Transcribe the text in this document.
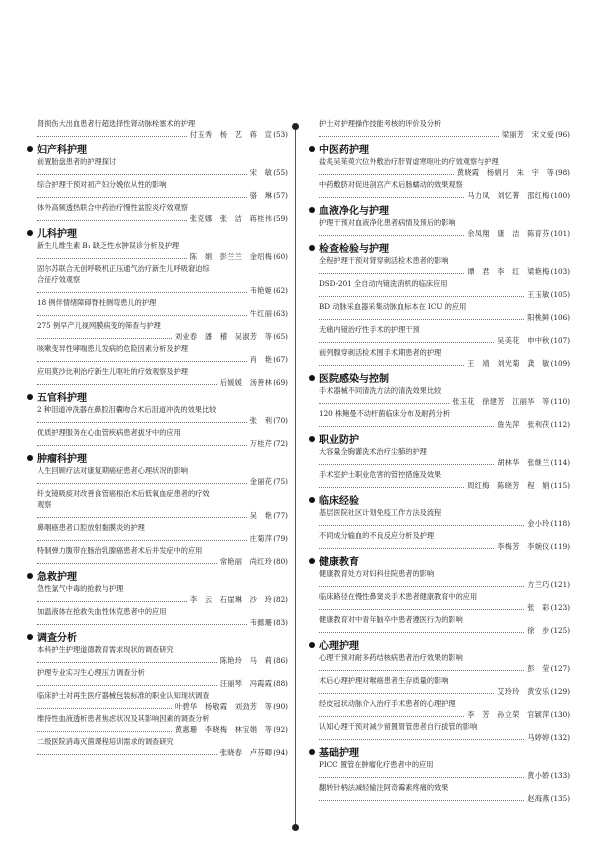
肾损伤大出血患者行超选择性肾动脉栓塞术的护理
付玉秀　杨　艺　蒋　宣 (53)
妇产科护理
前置胎盘患者的护理探讨
宋　敏 (55)
综合护理干预对初产妇分娩依从性的影响
骆　琳 (57)
体外高频透热联合中药治疗慢性盆腔炎疗效观察
张克娜　张　洁　蒋桂伟 (59)
儿科护理
新生儿维生素 B₁ 缺乏性水肿误诊分析及护理
陈　娟　彭兰兰　金绍梅 (60)
固尔苏联合无创呼吸机正压通气治疗新生儿呼吸窘迫综
合征疗效观察
韦艳姬 (62)
18 例伴情绪障碍脊柱侧弯患儿的护理
牛红丽 (63)
275 例早产儿视网膜病变的筛查与护理
刘业春　潘　稽　吴淑芳　等 (65)
咳嗽变异性哮喘患儿发病的危险因素分析及护理
肖　艳 (67)
应用莫沙比利治疗新生儿呕吐的疗效观察及护理
后媛媛　汤善林 (69)
五官科护理
2 种泪道冲洗器在鼻腔泪囊吻合术后泪道冲洗的效果比较
张　利 (70)
优质护理服务在心血管疾病患者拔牙中的应用
万桂芹 (72)
肿瘤科护理
人生回顾疗法对康复期癌症患者心理状况的影响
金丽花 (75)
纤支镜吸痰对改善食管癌根治术后低氧血症患者的疗效
观察
吴　艳 (77)
鼻咽癌患者口腔放射黏膜炎的护理
庄菊萍 (79)
特制弹力腹带在肠治乳腺癌患者术后并发症中的应用
常艳丽　尚红玲 (80)
急救护理
急性氯气中毒的抢救与护理
李　云　石崖琳　沙　玲 (82)
加温液体在抢救失血性休克患者中的应用
韦懿珊 (83)
调查分析
本科护生护理道德教育需求现状的调查研究
陈艳玲　马　莉 (86)
护理专业实习生心理压力调查分析
汪丽琴　冯霞霞 (88)
临床护士对再生医疗器械包装标准的职业认知现状调查
叶碧华　杨敬霞　刘劲芳　等 (90)
维持性血液透析患者焦虑状况及其影响因素的调查分析
黄惠珊　李晓梅　林宝娟　等 (92)
二级医院消毒灭菌课程培训需求的调查研究
张晓春　卢芬卿 (94)
护士对护理操作技能考核的评价及分析
梁丽芳　宋文爱 (96)
中医药护理
盐炙吴茱萸穴位外敷治疗肝胃虚寒呕吐的疗效观察与护理
黄晓霞　杨娟月　朱　宇　等 (98)
中药敷脐对促进剖宫产术后肠蠕动的效果观察
马力凤　刘忆菁　邵红梅 (100)
血液净化与护理
护理干预对血液净化患者病情及预后的影响
余凤翔　康　洁　陈育芬 (101)
检查检验与护理
全程护理干预对肾穿刺活检术患者的影响
谭　君　李　红　梁艳梅 (103)
DSD-201 全自动内镜洗消机的临床应用
王玉敏 (105)
BD 动脉采血器采集动脉血标本在 ICU 的应用
阳桃鲜 (106)
无痛内镜治疗性手术的护理干预
吴美花　申中秋 (107)
前列腺穿刺活检术围手术期患者的护理
王　靖　刘光菊　龚　敏 (109)
医院感染与控制
手术器械不同清洗方法的清洗效果比较
张玉花　徐建芳　江丽华　等 (110)
120 株鲍曼不动杆菌临床分布及耐药分析
詹先萍　张利茯 (112)
职业防护
大容量全胸灌洗术治疗尘肺的护理
胡林华　张继兰 (114)
手术室护士职业危害的管控措施及效果
周红梅　陈晓芳　程　娟 (115)
临床经验
基层医院社区计划免疫工作方法及流程
金小玲 (118)
不同成分输血的不良反应分析及护理
李梅芳　李婉仪 (119)
健康教育
健康教育处方对妇科住院患者的影响
方兰巧 (121)
临床路径在慢性鼻窦炎手术患者健康教育中的应用
张　彩 (123)
健康教育对中青年脑卒中患者遵医行为的影响
徐　步 (125)
心理护理
心理干预对耐多药结核病患者治疗效果的影响
彭　莹 (127)
术后心理护理对喉癌患者生存质量的影响
艾玲玲　黄安乐 (129)
经皮冠状动脉介入治疗手术患者的心理护理
李　芳　孙立荣　官颖萍 (130)
认知心理干预对减少留置胃管患者自行拔管的影响
马婷婷 (132)
基础护理
PICC 置管在肿瘤化疗患者中的应用
黄小娇 (133)
翻转针柄法减轻输注阿奇霉素疼痛的效果
赵海燕 (135)
